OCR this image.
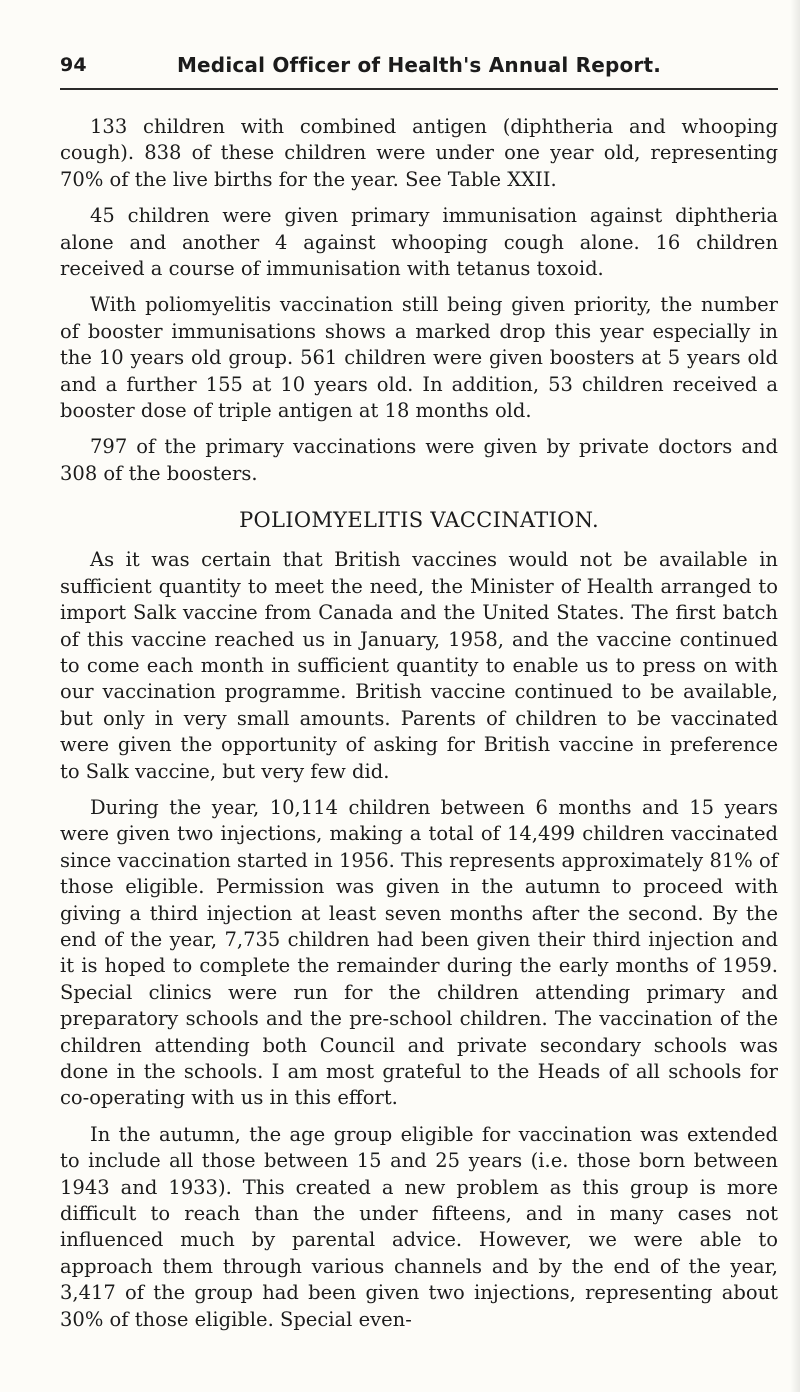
94	Medical Officer of Health's Annual Report.

133 children with combined antigen (diphtheria and whooping cough). 838 of these children were under one year old, representing 70% of the live births for the year. See Table XXII.

45 children were given primary immunisation against diphtheria alone and another 4 against whooping cough alone. 16 children received a course of immunisation with tetanus toxoid.

With poliomyelitis vaccination still being given priority, the number of booster immunisations shows a marked drop this year especially in the 10 years old group. 561 children were given boosters at 5 years old and a further 155 at 10 years old. In addition, 53 children received a booster dose of triple antigen at 18 months old.

797 of the primary vaccinations were given by private doctors and 308 of the boosters.

POLIOMYELITIS VACCINATION.

As it was certain that British vaccines would not be available in sufficient quantity to meet the need, the Minister of Health arranged to import Salk vaccine from Canada and the United States. The first batch of this vaccine reached us in January, 1958, and the vaccine continued to come each month in sufficient quantity to enable us to press on with our vaccination programme. British vaccine continued to be available, but only in very small amounts. Parents of children to be vaccinated were given the opportunity of asking for British vaccine in preference to Salk vaccine, but very few did.

During the year, 10,114 children between 6 months and 15 years were given two injections, making a total of 14,499 children vaccinated since vaccination started in 1956. This represents approximately 81% of those eligible. Permission was given in the autumn to proceed with giving a third injection at least seven months after the second. By the end of the year, 7,735 children had been given their third injection and it is hoped to complete the remainder during the early months of 1959. Special clinics were run for the children attending primary and preparatory schools and the pre-school children. The vaccination of the children attending both Council and private secondary schools was done in the schools. I am most grateful to the Heads of all schools for co-operating with us in this effort.

In the autumn, the age group eligible for vaccination was extended to include all those between 15 and 25 years (i.e. those born between 1943 and 1933). This created a new problem as this group is more difficult to reach than the under fifteens, and in many cases not influenced much by parental advice. However, we were able to approach them through various channels and by the end of the year, 3,417 of the group had been given two injections, representing about 30% of those eligible. Special even-
